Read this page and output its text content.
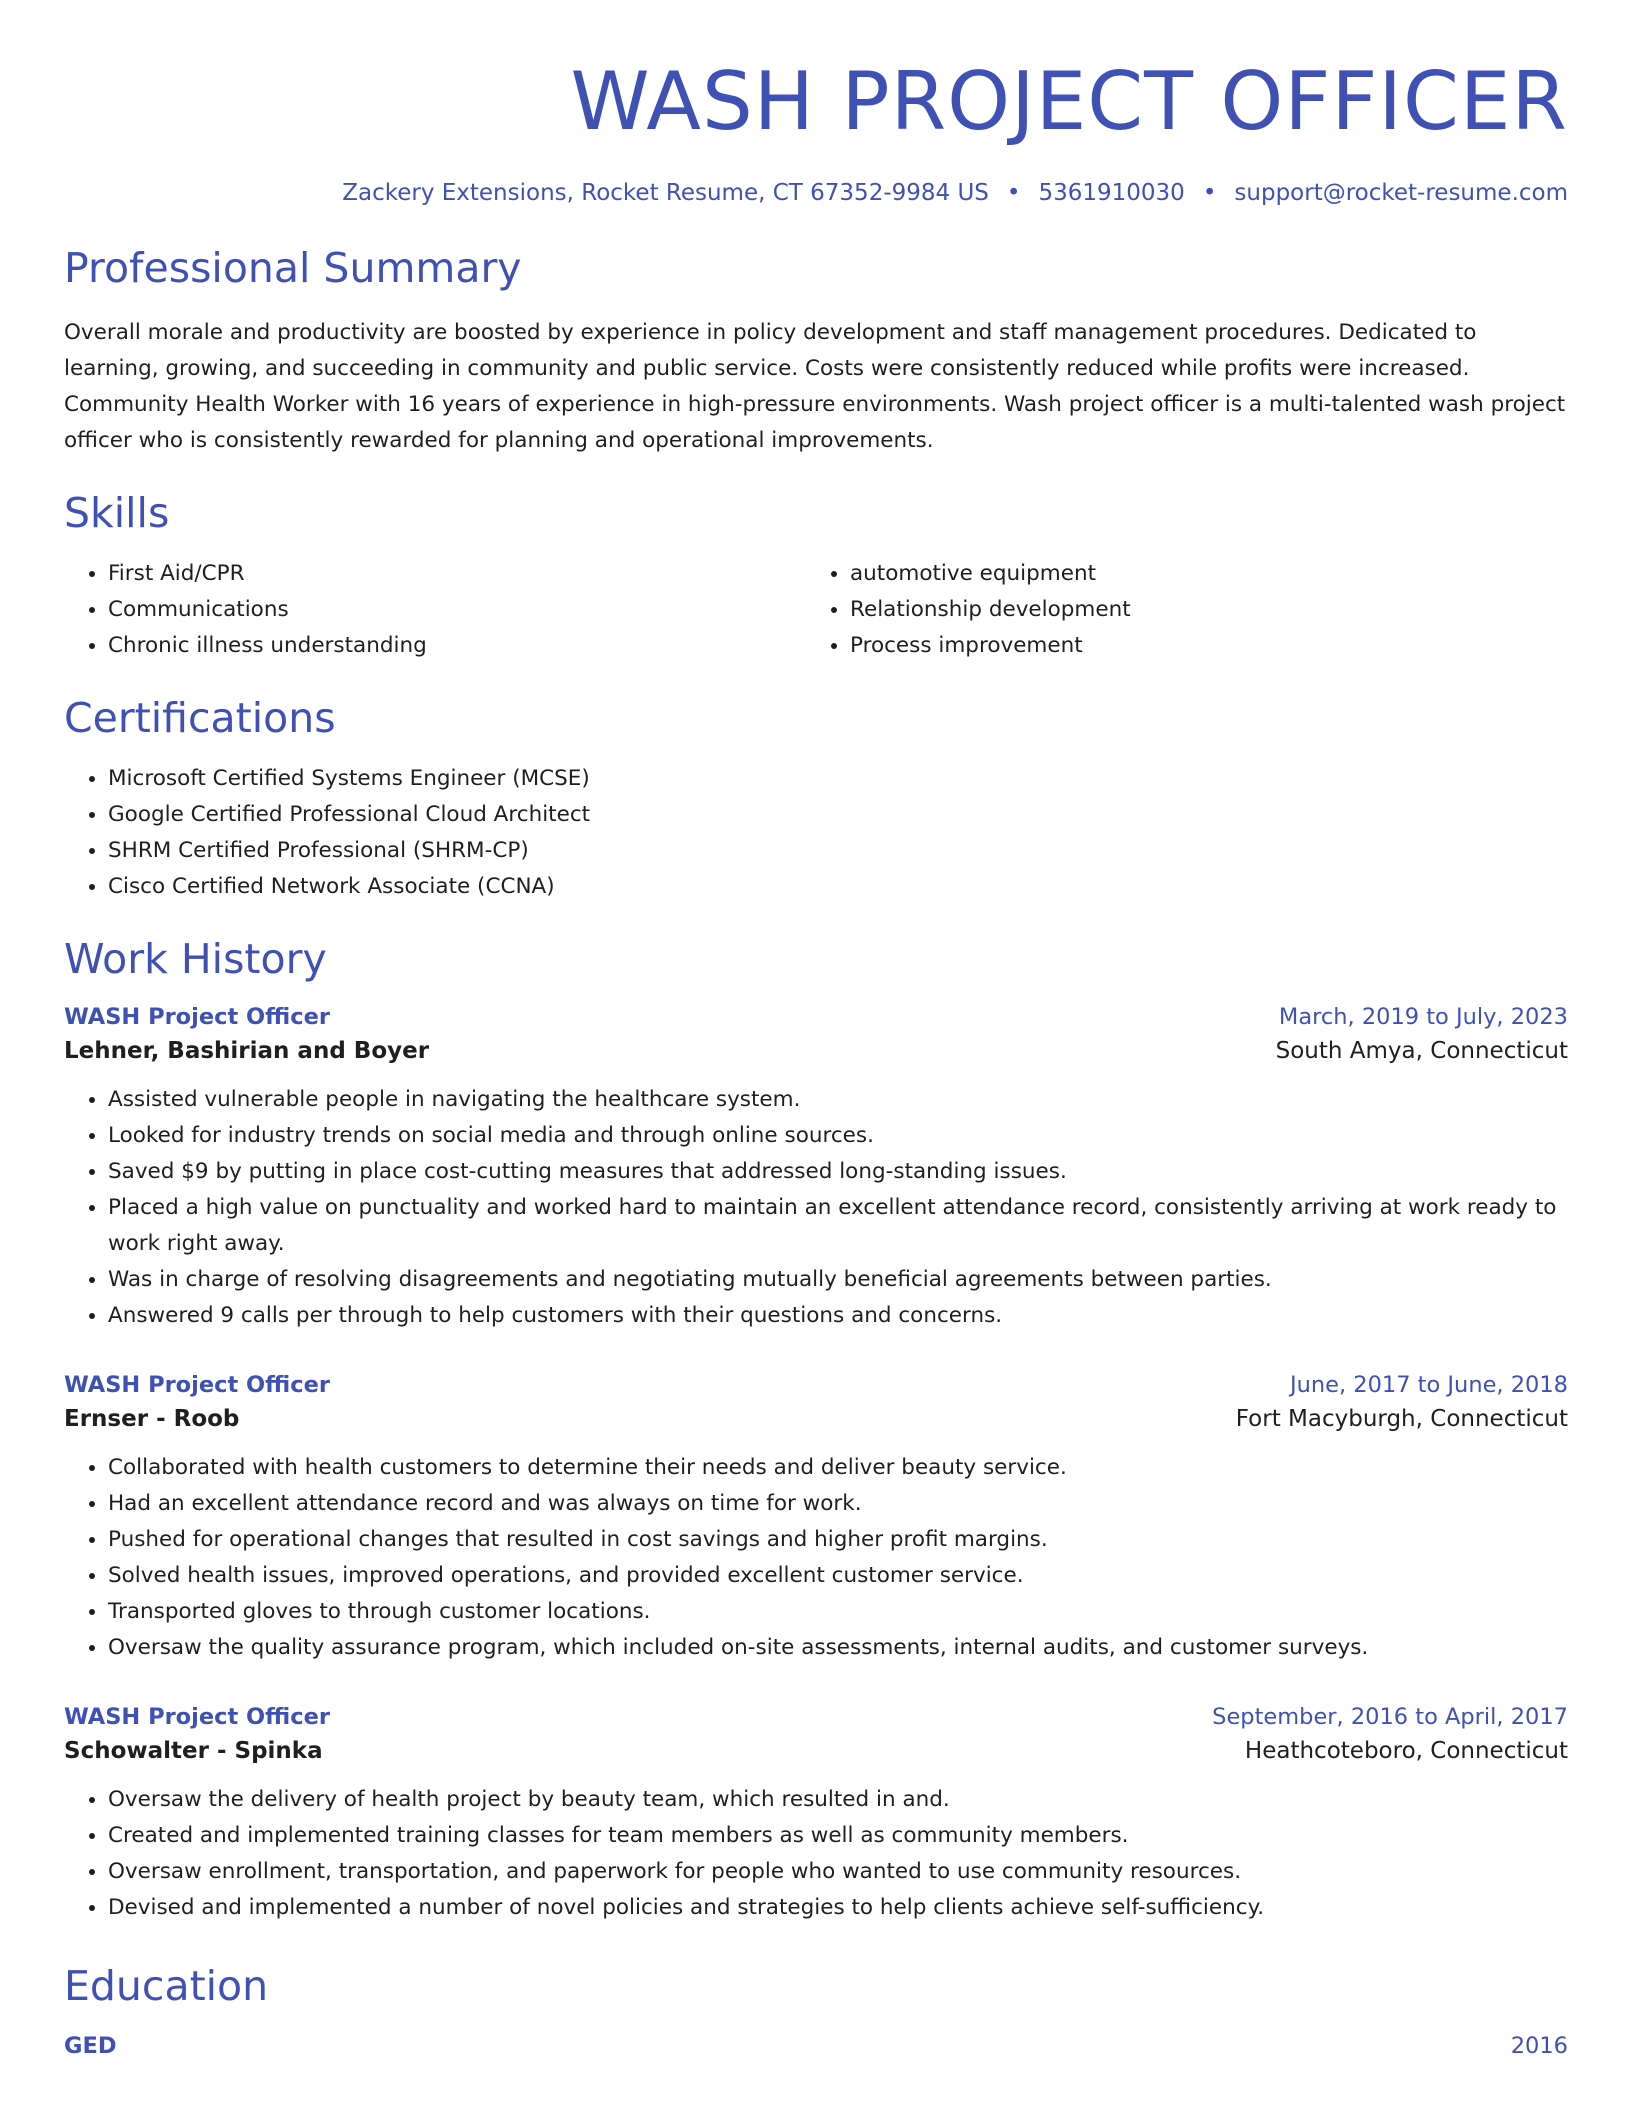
WASH PROJECT OFFICER
Zackery Extensions, Rocket Resume, CT 67352-9984 US • 5361910030 • support@rocket-resume.com
Professional Summary

Overall morale and productivity are boosted by experience in policy development and staff management procedures. Dedicated to learning, growing, and succeeding in community and public service. Costs were consistently reduced while profits were increased. Community Health Worker with 16 years of experience in high-pressure environments. Wash project officer is a multi-talented wash project officer who is consistently rewarded for planning and operational improvements.

Skills
• First Aid/CPR
• Communications
• Chronic illness understanding
• automotive equipment
• Relationship development
• Process improvement
Certifications
• Microsoft Certified Systems Engineer (MCSE)
• Google Certified Professional Cloud Architect
• SHRM Certified Professional (SHRM-CP)
• Cisco Certified Network Associate (CCNA)
Work History
WASH Project Officer	March, 2019 to July, 2023
Lehner, Bashirian and Boyer	South Amya, Connecticut
• Assisted vulnerable people in navigating the healthcare system.
• Looked for industry trends on social media and through online sources.
• Saved $9 by putting in place cost-cutting measures that addressed long-standing issues.
• Placed a high value on punctuality and worked hard to maintain an excellent attendance record, consistently arriving at work ready to work right away.
• Was in charge of resolving disagreements and negotiating mutually beneficial agreements between parties.
• Answered 9 calls per through to help customers with their questions and concerns.
WASH Project Officer	June, 2017 to June, 2018
Ernser - Roob	Fort Macyburgh, Connecticut
• Collaborated with health customers to determine their needs and deliver beauty service.
• Had an excellent attendance record and was always on time for work.
• Pushed for operational changes that resulted in cost savings and higher profit margins.
• Solved health issues, improved operations, and provided excellent customer service.
• Transported gloves to through customer locations.
• Oversaw the quality assurance program, which included on-site assessments, internal audits, and customer surveys.
WASH Project Officer	September, 2016 to April, 2017
Schowalter - Spinka	Heathcoteboro, Connecticut
• Oversaw the delivery of health project by beauty team, which resulted in and.
• Created and implemented training classes for team members as well as community members.
• Oversaw enrollment, transportation, and paperwork for people who wanted to use community resources.
• Devised and implemented a number of novel policies and strategies to help clients achieve self-sufficiency.
Education
GED	2016
